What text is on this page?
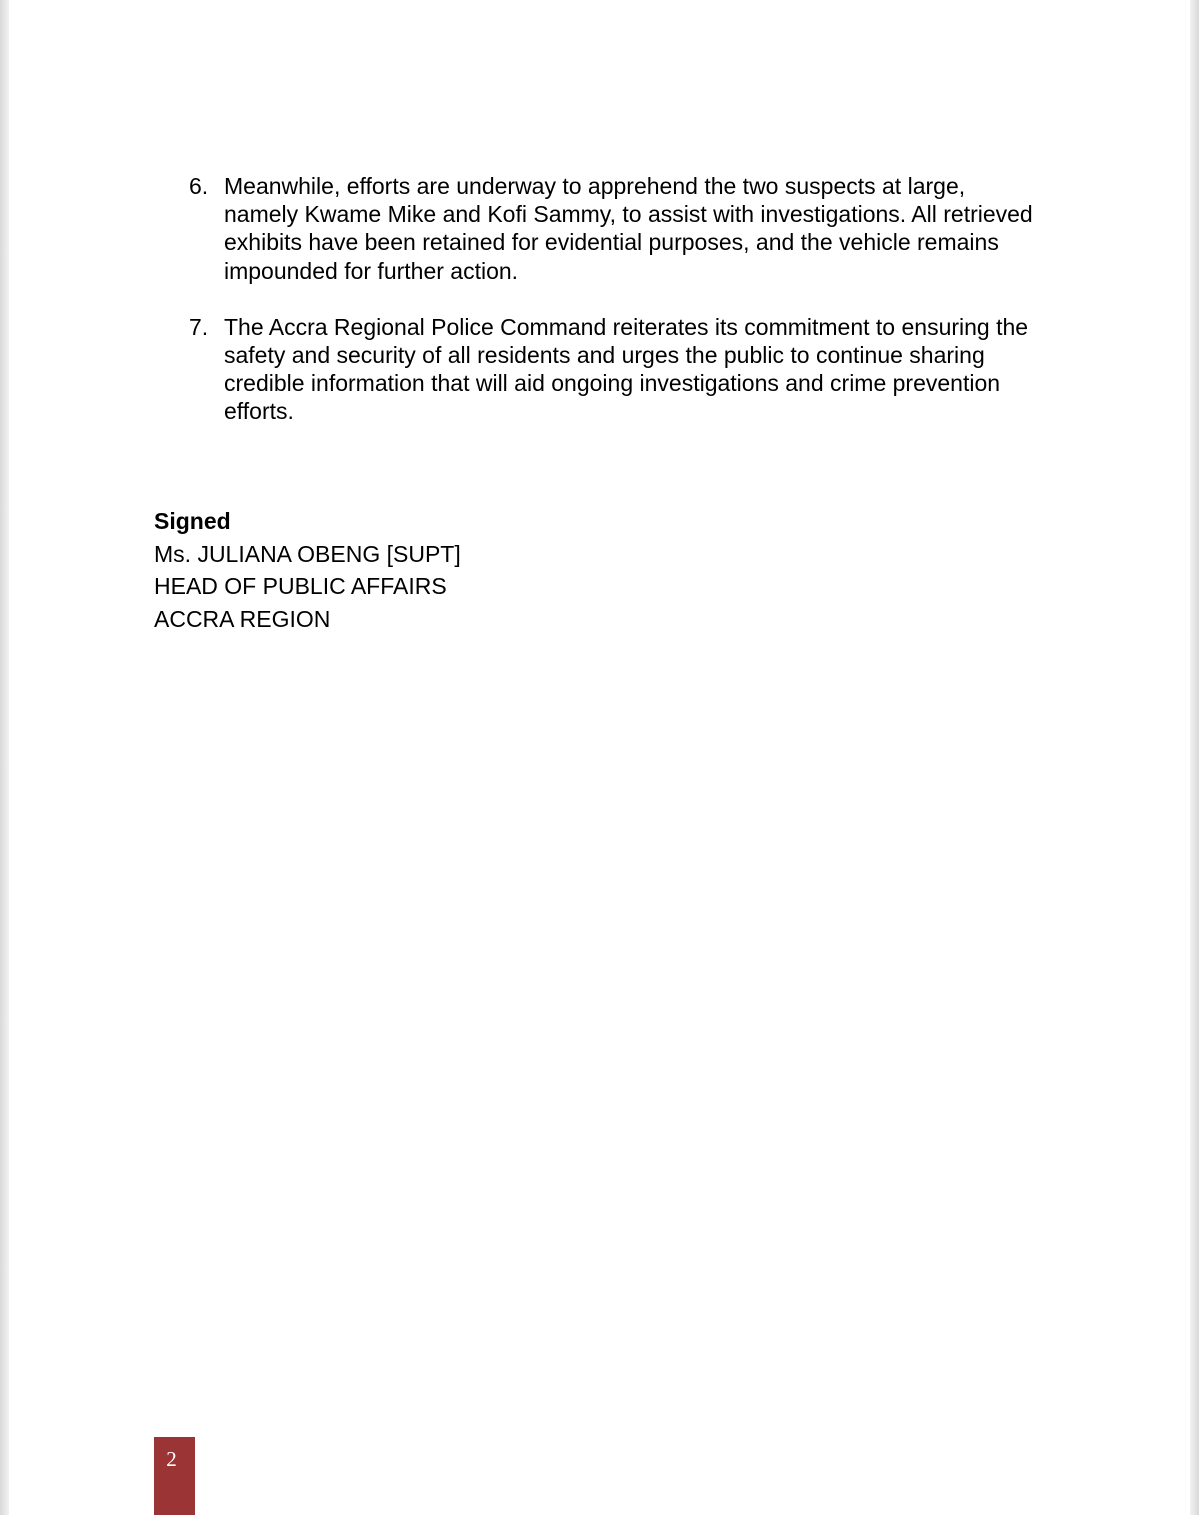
6. Meanwhile, efforts are underway to apprehend the two suspects at large, namely Kwame Mike and Kofi Sammy, to assist with investigations. All retrieved exhibits have been retained for evidential purposes, and the vehicle remains impounded for further action.
7. The Accra Regional Police Command reiterates its commitment to ensuring the safety and security of all residents and urges the public to continue sharing credible information that will aid ongoing investigations and crime prevention efforts.
Signed
Ms. JULIANA OBENG [SUPT]
HEAD OF PUBLIC AFFAIRS
ACCRA REGION
2
